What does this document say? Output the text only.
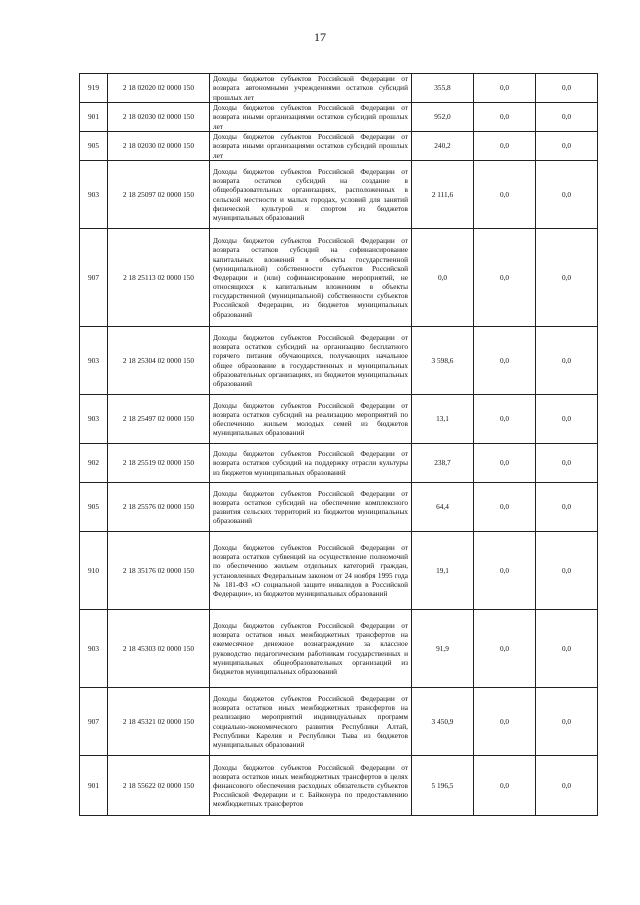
17
919	2 18 02020 02 0000 150	Доходы бюджетов субъектов Российской Федерации от возврата автономными учреждениями остатков субсидий прошлых лет	355,8	0,0	0,0
901	2 18 02030 02 0000 150	Доходы бюджетов субъектов Российской Федерации от возврата иными организациями остатков субсидий прошлых лет	952,0	0,0	0,0
905	2 18 02030 02 0000 150	Доходы бюджетов субъектов Российской Федерации от возврата иными организациями остатков субсидий прошлых лет	240,2	0,0	0,0
903	2 18 25097 02 0000 150	Доходы бюджетов субъектов Российской Федерации от возврата остатков субсидий на создание в общеобразовательных организациях, расположенных в сельской местности и малых городах, условий для занятий физической культурой и спортом из бюджетов муниципальных образований	2 111,6	0,0	0,0
907	2 18 25113 02 0000 150	Доходы бюджетов субъектов Российской Федерации от возврата остатков субсидий на софинансирование капитальных вложений в объекты государственной (муниципальной) собственности субъектов Российской Федерации и (или) софинансирование мероприятий, не относящихся к капитальным вложениям в объекты государственной (муниципальной) собственности субъектов Российской Федерации, из бюджетов муниципальных образований	0,0	0,0	0,0
903	2 18 25304 02 0000 150	Доходы бюджетов субъектов Российской Федерации от возврата остатков субсидий на организацию бесплатного горячего питания обучающихся, получающих начальное общее образование в государственных и муниципальных образовательных организациях, из бюджетов муниципальных образований	3 598,6	0,0	0,0
903	2 18 25497 02 0000 150	Доходы бюджетов субъектов Российской Федерации от возврата остатков субсидий на реализацию мероприятий по обеспечению жильем молодых семей из бюджетов муниципальных образований	13,1	0,0	0,0
902	2 18 25519 02 0000 150	Доходы бюджетов субъектов Российской Федерации от возврата остатков субсидий на поддержку отрасли культуры из бюджетов муниципальных образований	238,7	0,0	0,0
905	2 18 25576 02 0000 150	Доходы бюджетов субъектов Российской Федерации от возврата остатков субсидий на обеспечение комплексного развития сельских территорий из бюджетов муниципальных образований	64,4	0,0	0,0
910	2 18 35176 02 0000 150	Доходы бюджетов субъектов Российской Федерации от возврата остатков субвенций на осуществление полномочий по обеспечению жильем отдельных категорий граждан, установленных Федеральным законом от 24 ноября 1995 года № 181-ФЗ «О социальной защите инвалидов в Российской Федерации», из бюджетов муниципальных образований	19,1	0,0	0,0
903	2 18 45303 02 0000 150	Доходы бюджетов субъектов Российской Федерации от возврата остатков иных межбюджетных трансфертов на ежемесячное денежное вознаграждение за классное руководство педагогическим работникам государственных и муниципальных общеобразовательных организаций из бюджетов муниципальных образований	91,9	0,0	0,0
907	2 18 45321 02 0000 150	Доходы бюджетов субъектов Российской Федерации от возврата остатков иных межбюджетных трансфертов на реализацию мероприятий индивидуальных программ социально-экономического развития Республики Алтай, Республики Карелия и Республики Тыва из бюджетов муниципальных образований	3 450,9	0,0	0,0
901	2 18 55622 02 0000 150	Доходы бюджетов субъектов Российской Федерации от возврата остатков иных межбюджетных трансфертов в целях финансового обеспечения расходных обязательств субъектов Российской Федерации и г. Байконура по предоставлению межбюджетных трансфертов	5 196,5	0,0	0,0
